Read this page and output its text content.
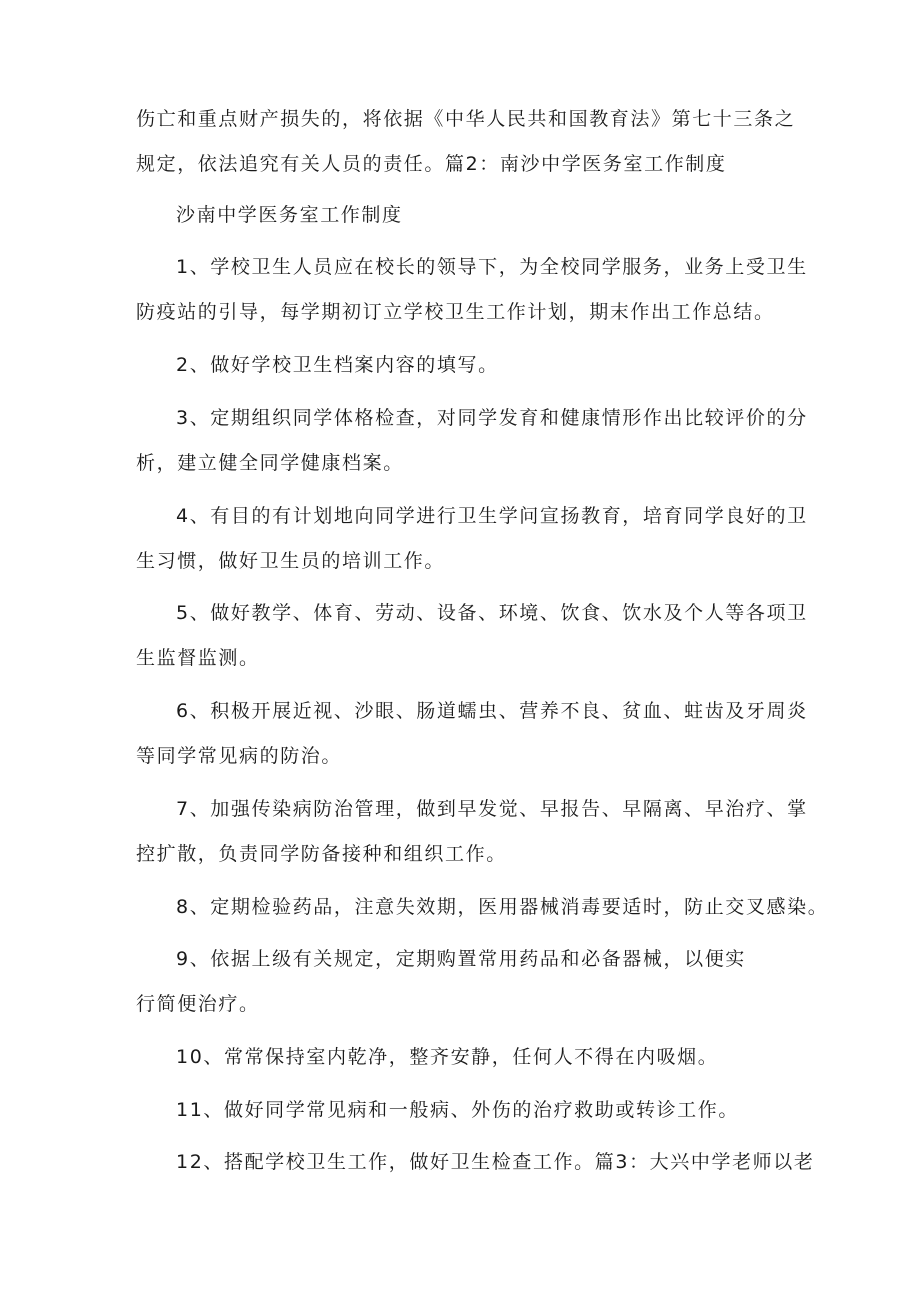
伤亡和重点财产损失的，将依据《中华人民共和国教育法》第七十三条之
规定，依法追究有关人员的责任。篇2：南沙中学医务室工作制度
沙南中学医务室工作制度
1、学校卫生人员应在校长的领导下，为全校同学服务，业务上受卫生
防疫站的引导，每学期初订立学校卫生工作计划，期末作出工作总结。
2、做好学校卫生档案内容的填写。
3、定期组织同学体格检查，对同学发育和健康情形作出比较评价的分
析，建立健全同学健康档案。
4、有目的有计划地向同学进行卫生学问宣扬教育，培育同学良好的卫
生习惯，做好卫生员的培训工作。
5、做好教学、体育、劳动、设备、环境、饮食、饮水及个人等各项卫
生监督监测。
6、积极开展近视、沙眼、肠道蠕虫、营养不良、贫血、蛀齿及牙周炎
等同学常见病的防治。
7、加强传染病防治管理，做到早发觉、早报告、早隔离、早治疗、掌
控扩散，负责同学防备接种和组织工作。
8、定期检验药品，注意失效期，医用器械消毒要适时，防止交叉感染。
9、依据上级有关规定，定期购置常用药品和必备器械，以便实
行简便治疗。
10、常常保持室内乾净，整齐安静，任何人不得在内吸烟。
11、做好同学常见病和一般病、外伤的治疗救助或转诊工作。
12、搭配学校卫生工作，做好卫生检查工作。篇3：大兴中学老师以老
